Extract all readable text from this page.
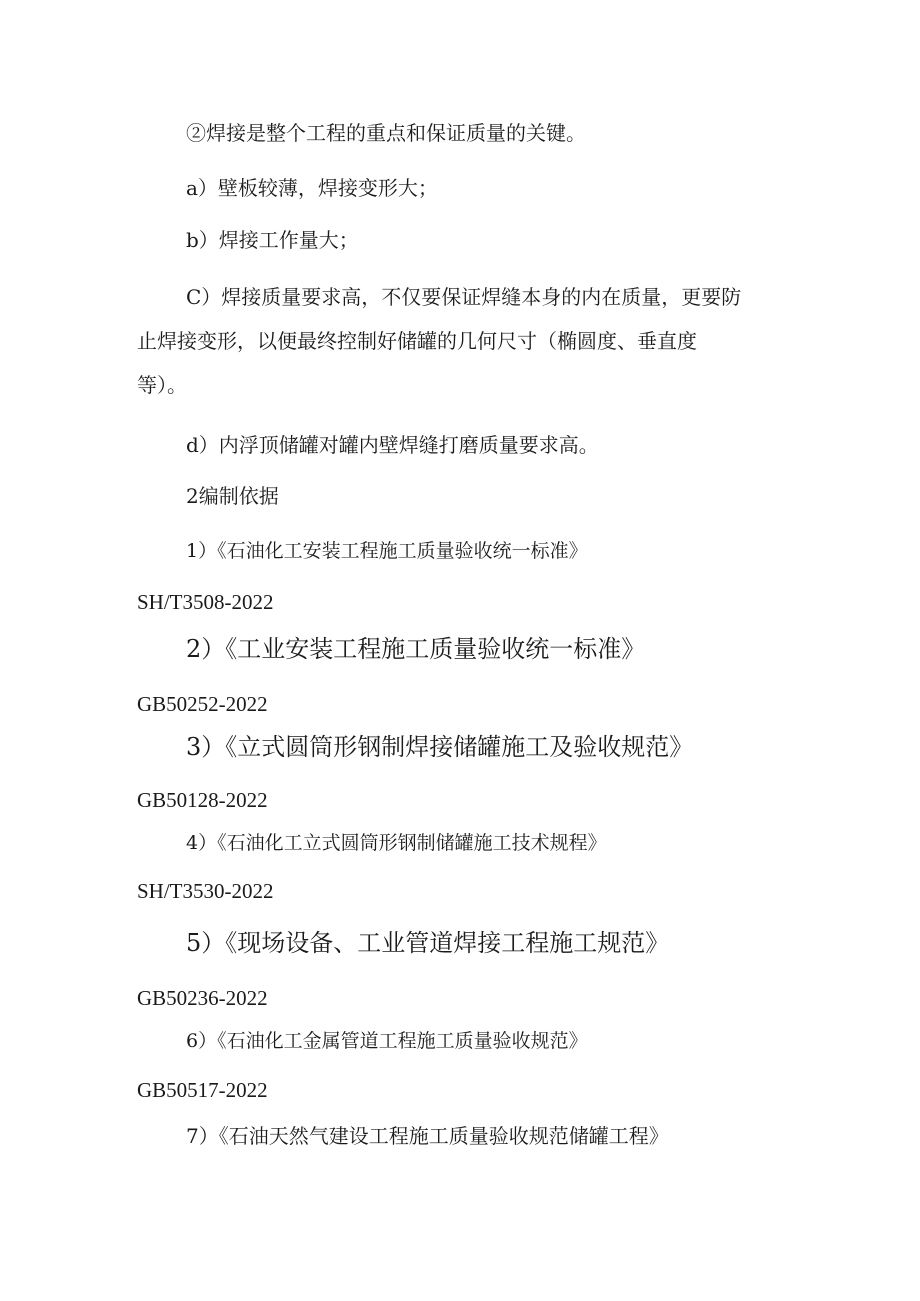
②焊接是整个工程的重点和保证质量的关键。
a）壁板较薄，焊接变形大；
b）焊接工作量大；
C）焊接质量要求高，不仅要保证焊缝本身的内在质量，更要防
止焊接变形，以便最终控制好储罐的几何尺寸（椭圆度、垂直度
等）。
d）内浮顶储罐对罐内壁焊缝打磨质量要求高。
2编制依据
1）《石油化工安装工程施工质量验收统一标准》
SH/T3508-2022
2）《工业安装工程施工质量验收统一标准》
GB50252-2022
3）《立式圆筒形钢制焊接储罐施工及验收规范》
GB50128-2022
4）《石油化工立式圆筒形钢制储罐施工技术规程》
SH/T3530-2022
5）《现场设备、工业管道焊接工程施工规范》
GB50236-2022
6）《石油化工金属管道工程施工质量验收规范》
GB50517-2022
7）《石油天然气建设工程施工质量验收规范储罐工程》
